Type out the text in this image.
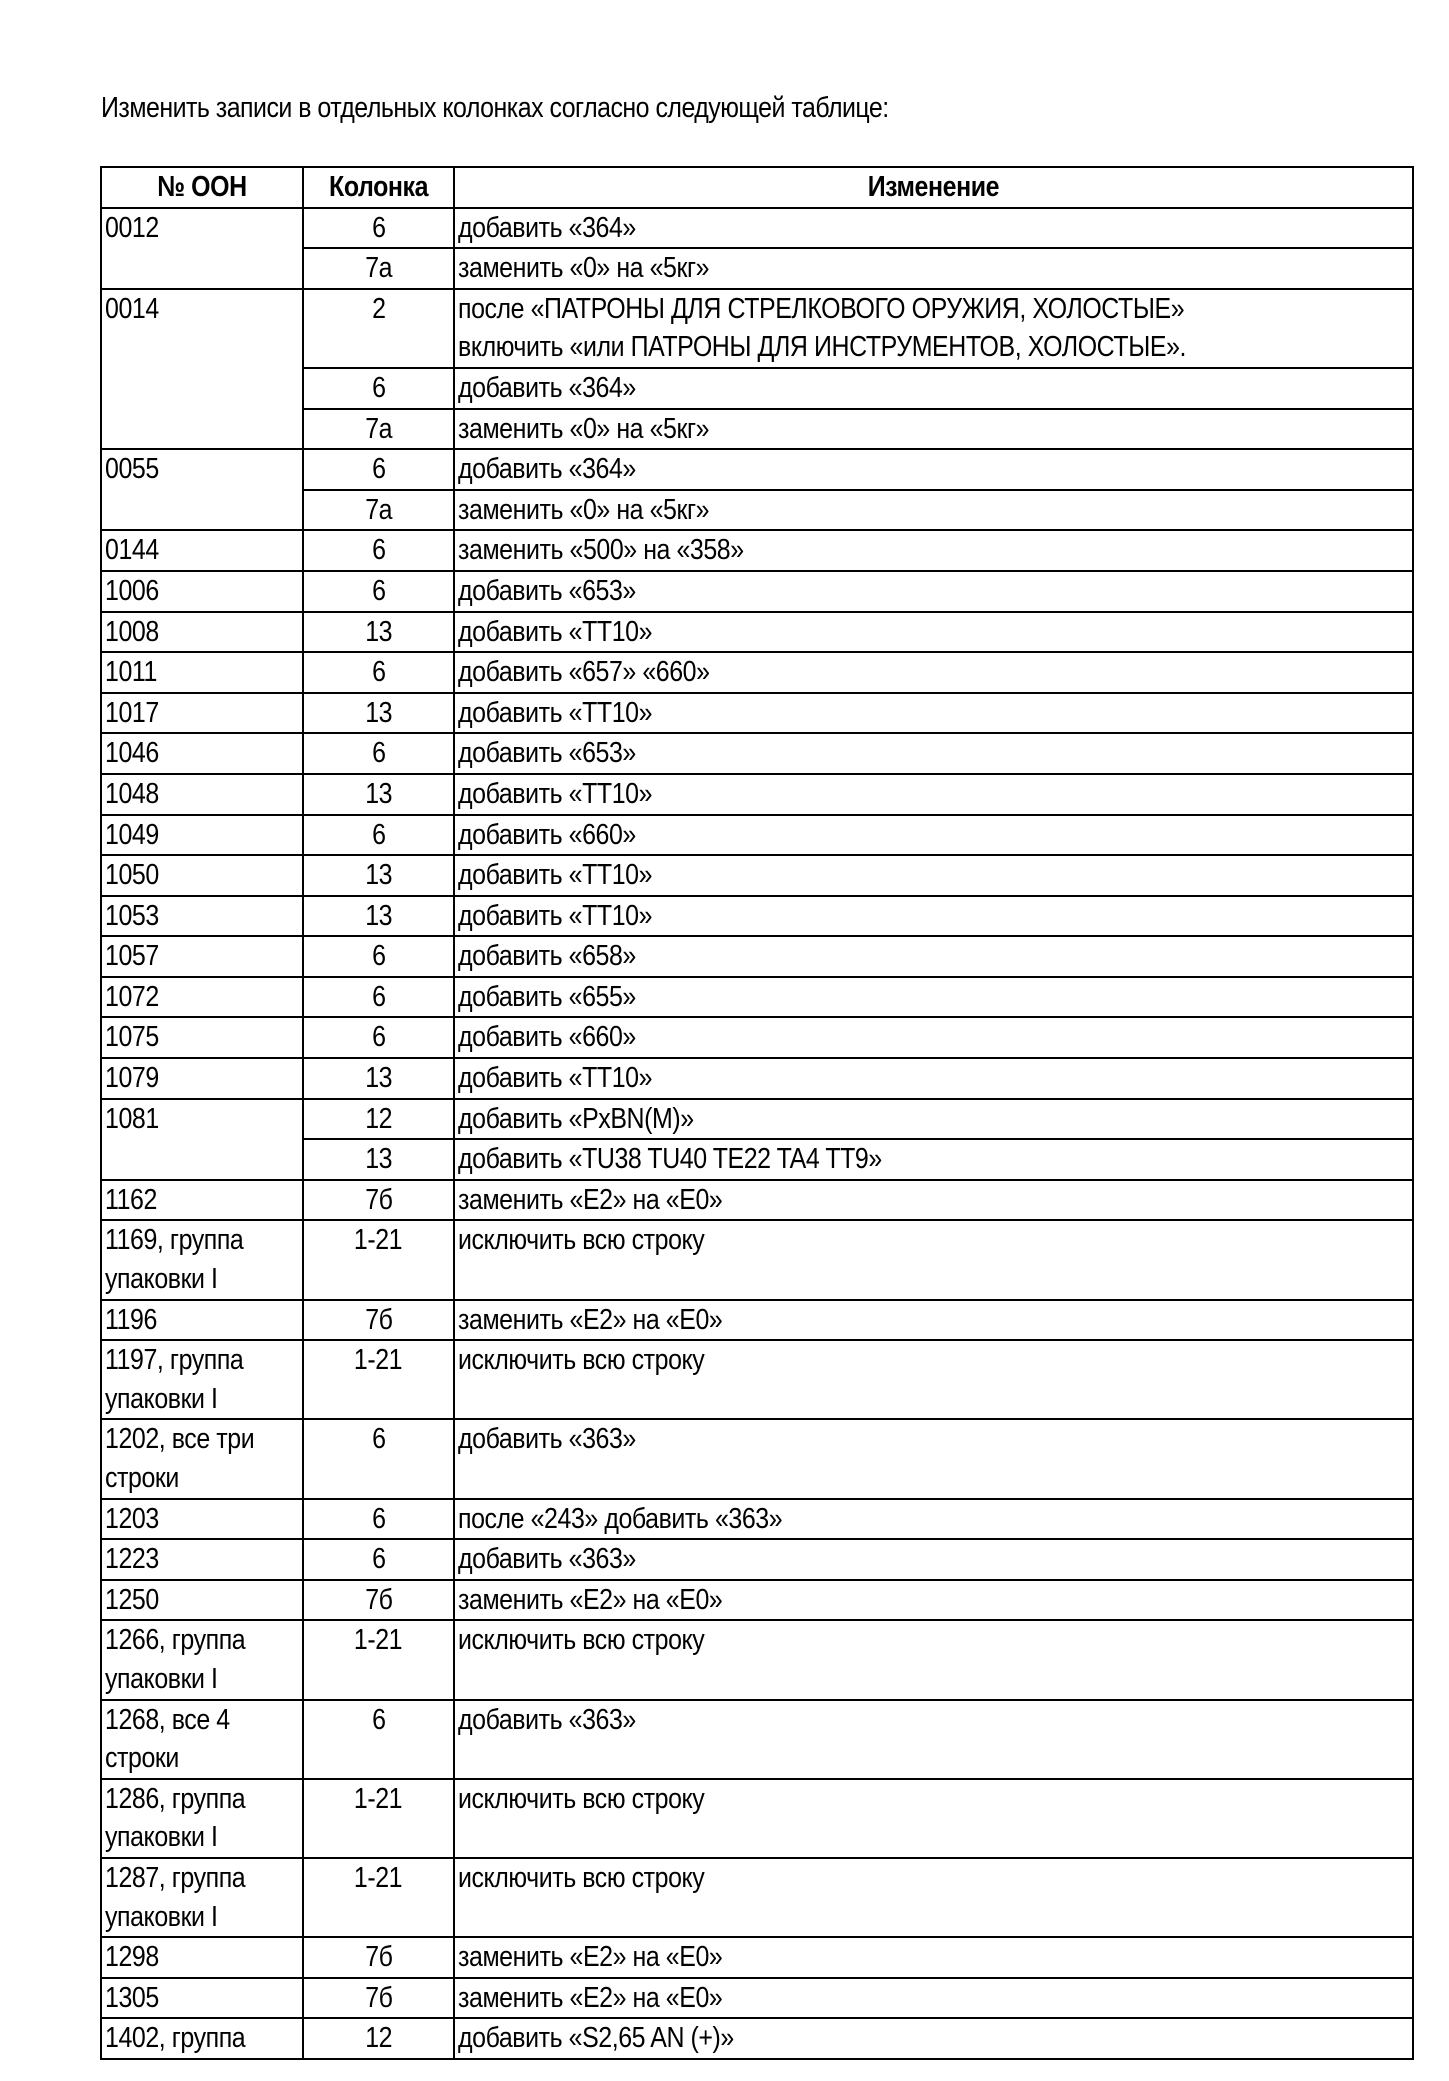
Изменить записи в отдельных колонках согласно следующей таблице:
№ ООН	Колонка	Изменение

0012	6	добавить «364»

	7а	заменить «0» на «5кг»

0014	2	после «ПАТРОНЫ ДЛЯ СТРЕЛКОВОГО ОРУЖИЯ, ХОЛОСТЫЕ»
включить «или ПАТРОНЫ ДЛЯ ИНСТРУМЕНТОВ, ХОЛОСТЫЕ».

	6	добавить «364»

	7а	заменить «0» на «5кг»

0055	6	добавить «364»

	7а	заменить «0» на «5кг»

0144	6	заменить «500» на «358»

1006	6	добавить «653»

1008	13	добавить «ТТ10»

1011	6	добавить «657» «660»

1017	13	добавить «ТТ10»

1046	6	добавить «653»

1048	13	добавить «ТТ10»

1049	6	добавить «660»

1050	13	добавить «ТТ10»

1053	13	добавить «ТТ10»

1057	6	добавить «658»

1072	6	добавить «655»

1075	6	добавить «660»

1079	13	добавить «ТТ10»

1081	12	добавить «PxBN(M)»

	13	добавить «TU38 TU40 TE22 TA4 TT9»

1162	7б	заменить «Е2» на «Е0»

1169, группа
упаковки I	1-21	исключить всю строку

1196	7б	заменить «Е2» на «Е0»

1197, группа
упаковки I	1-21	исключить всю строку

1202, все три
строки	6	добавить «363»

1203	6	после «243» добавить «363»

1223	6	добавить «363»

1250	7б	заменить «Е2» на «Е0»

1266, группа
упаковки I	1-21	исключить всю строку

1268, все 4
строки	6	добавить «363»

1286, группа
упаковки I	1-21	исключить всю строку

1287, группа
упаковки I	1-21	исключить всю строку

1298	7б	заменить «Е2» на «Е0»

1305	7б	заменить «Е2» на «Е0»

1402, группа	12	добавить «S2,65 AN (+)»
